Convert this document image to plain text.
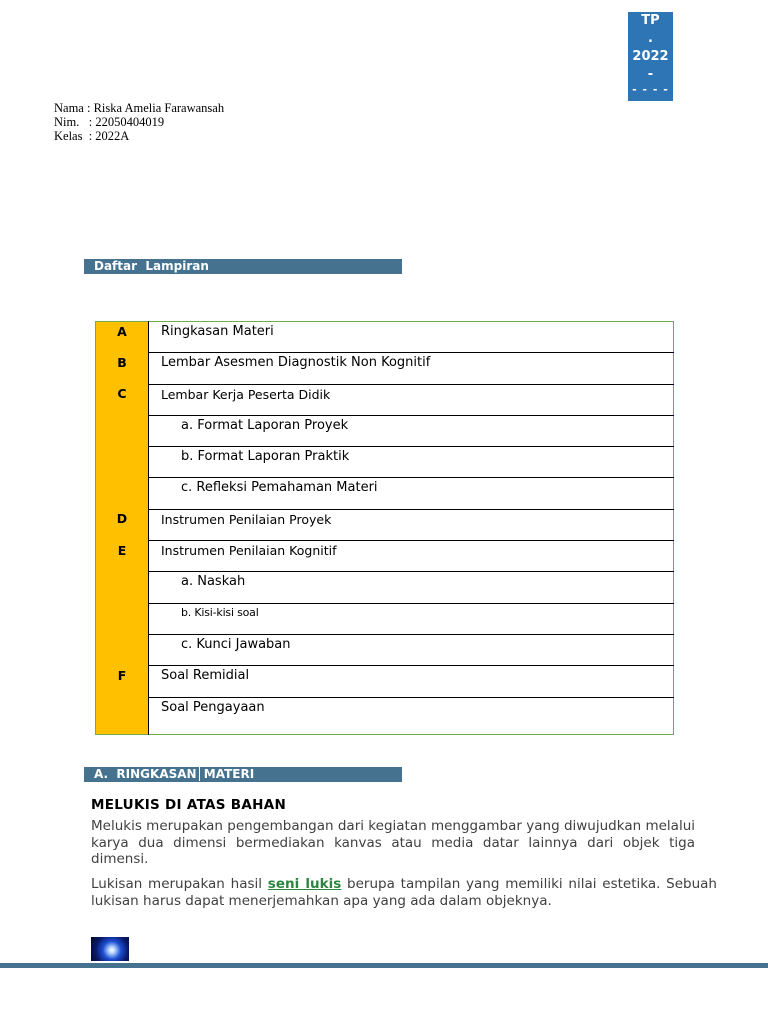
TP
.
2022
-
- - - -
Nama : Riska Amelia Farawansah
Nim.   : 22050404019
Kelas  : 2022A
Daftar  Lampiran
A	Ringkasan Materi
B	Lembar Asesmen Diagnostik Non Kognitif
C	Lembar Kerja Peserta Didik
	a. Format Laporan Proyek
	b. Format Laporan Praktik
	c. Refleksi Pemahaman Materi
D	Instrumen Penilaian Proyek
E	Instrumen Penilaian Kognitif
	a. Naskah
	b. Kisi-kisi soal
	c. Kunci Jawaban
F	Soal Remidial
	Soal Pengayaan
A.  RINGKASAN MATERI
MELUKIS DI ATAS BAHAN
Melukis merupakan pengembangan dari kegiatan menggambar yang diwujudkan melalui karya dua dimensi bermediakan kanvas atau media datar lainnya dari objek tiga dimensi.
Lukisan merupakan hasil seni lukis berupa tampilan yang memiliki nilai estetika. Sebuah lukisan harus dapat menerjemahkan apa yang ada dalam objeknya.
